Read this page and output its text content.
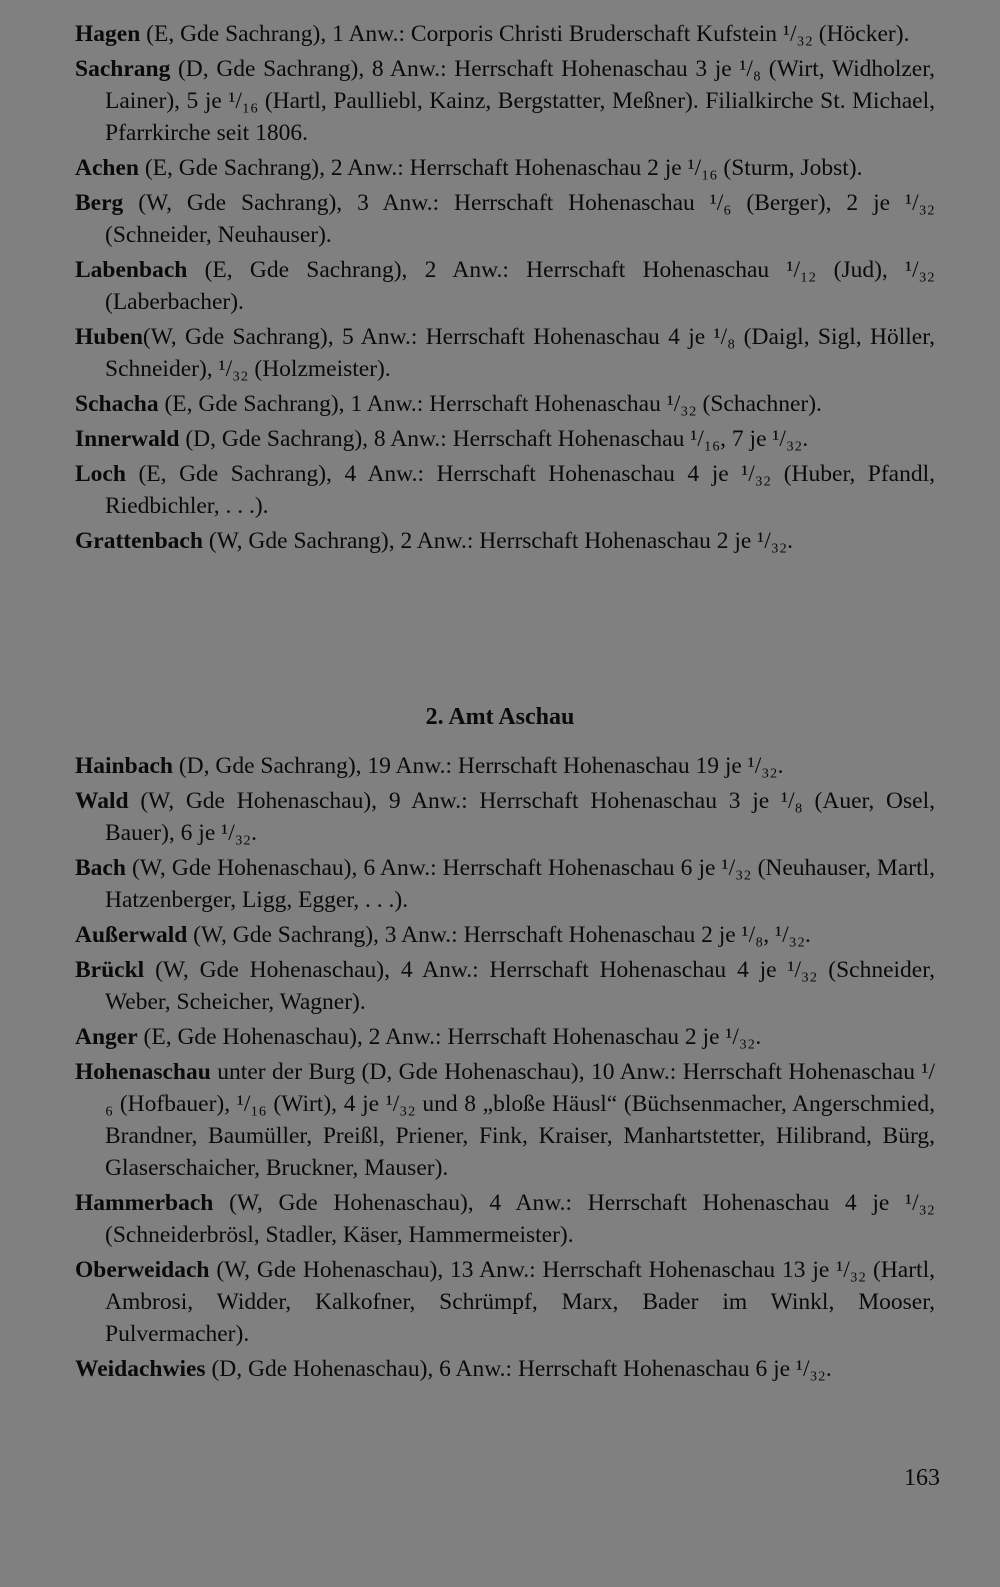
Hagen (E, Gde Sachrang), 1 Anw.: Corporis Christi Bruderschaft Kufstein ¹/₃₂ (Höcker).

Sachrang (D, Gde Sachrang), 8 Anw.: Herrschaft Hohenaschau 3 je ¹/₈ (Wirt, Widholzer, Lainer), 5 je ¹/₁₆ (Hartl, Paulliebl, Kainz, Bergstatter, Meßner). Filialkirche St. Michael, Pfarrkirche seit 1806.

Achen (E, Gde Sachrang), 2 Anw.: Herrschaft Hohenaschau 2 je ¹/₁₆ (Sturm, Jobst).

Berg (W, Gde Sachrang), 3 Anw.: Herrschaft Hohenaschau ¹/₆ (Berger), 2 je ¹/₃₂ (Schneider, Neuhauser).

Labenbach (E, Gde Sachrang), 2 Anw.: Herrschaft Hohenaschau ¹/₁₂ (Jud), ¹/₃₂ (Laberbacher).

Huben(W, Gde Sachrang), 5 Anw.: Herrschaft Hohenaschau 4 je ¹/₈ (Daigl, Sigl, Höller, Schneider), ¹/₃₂ (Holzmeister).

Schacha (E, Gde Sachrang), 1 Anw.: Herrschaft Hohenaschau ¹/₃₂ (Schachner).

Innerwald (D, Gde Sachrang), 8 Anw.: Herrschaft Hohenaschau ¹/₁₆, 7 je ¹/₃₂.

Loch (E, Gde Sachrang), 4 Anw.: Herrschaft Hohenaschau 4 je ¹/₃₂ (Huber, Pfandl, Riedbichler, . . .).

Grattenbach (W, Gde Sachrang), 2 Anw.: Herrschaft Hohenaschau 2 je ¹/₃₂.

2. Amt Aschau

Hainbach (D, Gde Sachrang), 19 Anw.: Herrschaft Hohenaschau 19 je ¹/₃₂.

Wald (W, Gde Hohenaschau), 9 Anw.: Herrschaft Hohenaschau 3 je ¹/₈ (Auer, Osel, Bauer), 6 je ¹/₃₂.

Bach (W, Gde Hohenaschau), 6 Anw.: Herrschaft Hohenaschau 6 je ¹/₃₂ (Neuhauser, Martl, Hatzenberger, Ligg, Egger, . . .).

Außerwald (W, Gde Sachrang), 3 Anw.: Herrschaft Hohenaschau 2 je ¹/₈, ¹/₃₂.

Brückl (W, Gde Hohenaschau), 4 Anw.: Herrschaft Hohenaschau 4 je ¹/₃₂ (Schneider, Weber, Scheicher, Wagner).

Anger (E, Gde Hohenaschau), 2 Anw.: Herrschaft Hohenaschau 2 je ¹/₃₂.

Hohenaschau unter der Burg (D, Gde Hohenaschau), 10 Anw.: Herrschaft Hohenaschau ¹/₆ (Hofbauer), ¹/₁₆ (Wirt), 4 je ¹/₃₂ und 8 „bloße Häusl“ (Büchsenmacher, Angerschmied, Brandner, Baumüller, Preißl, Priener, Fink, Kraiser, Manhartstetter, Hilibrand, Bürg, Glaserschaicher, Bruckner, Mauser).

Hammerbach (W, Gde Hohenaschau), 4 Anw.: Herrschaft Hohenaschau 4 je ¹/₃₂ (Schneiderbrösl, Stadler, Käser, Hammermeister).

Oberweidach (W, Gde Hohenaschau), 13 Anw.: Herrschaft Hohenaschau 13 je ¹/₃₂ (Hartl, Ambrosi, Widder, Kalkofner, Schrümpf, Marx, Bader im Winkl, Mooser, Pulvermacher).

Weidachwies (D, Gde Hohenaschau), 6 Anw.: Herrschaft Hohenaschau 6 je ¹/₃₂.

163
